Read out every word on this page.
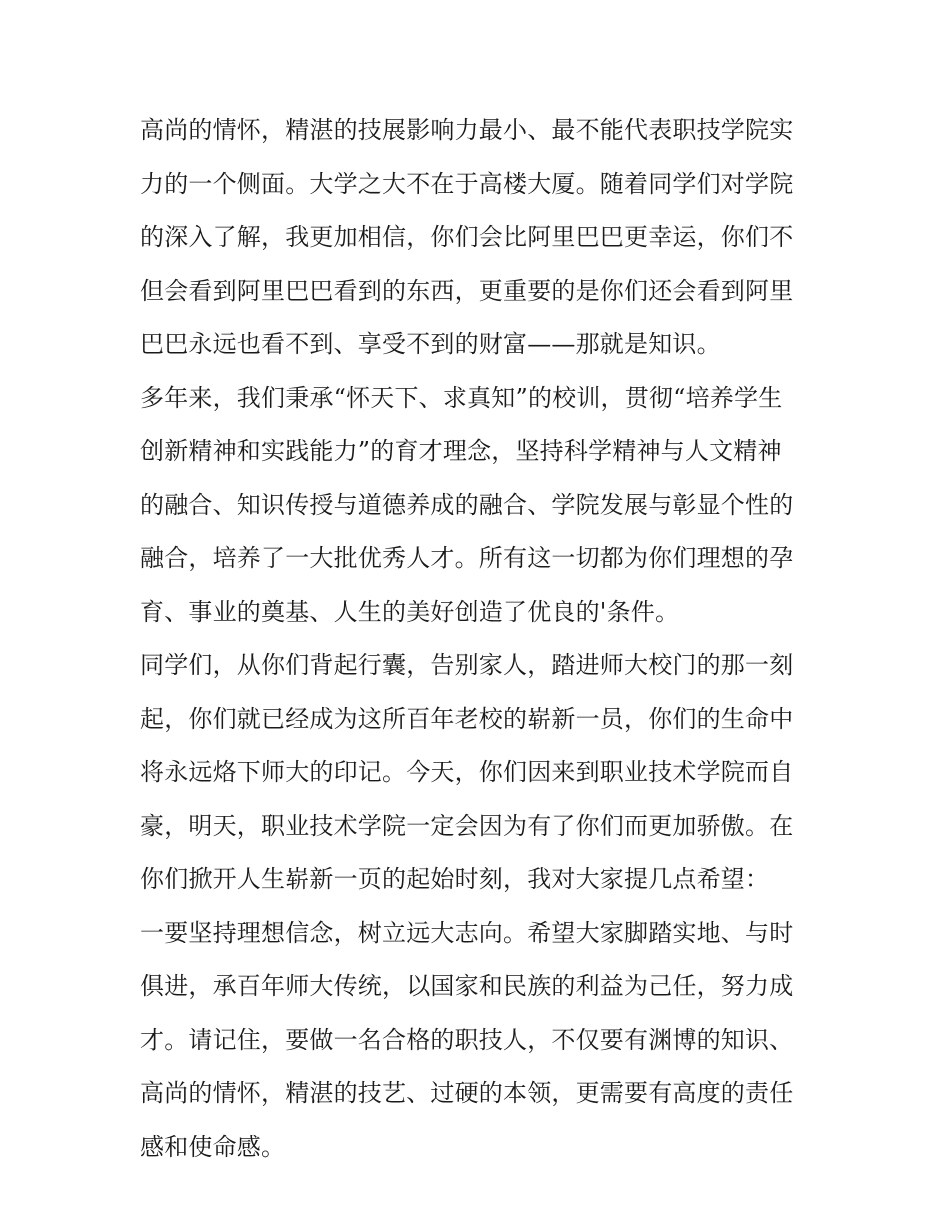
高尚的情怀，精湛的技展影响力最小、最不能代表职技学院实
力的一个侧面。大学之大不在于高楼大厦。随着同学们对学院
的深入了解，我更加相信，你们会比阿里巴巴更幸运，你们不
但会看到阿里巴巴看到的东西，更重要的是你们还会看到阿里
巴巴永远也看不到、享受不到的财富——那就是知识。
多年来，我们秉承“怀天下、求真知”的校训，贯彻“培养学生
创新精神和实践能力”的育才理念，坚持科学精神与人文精神
的融合、知识传授与道德养成的融合、学院发展与彰显个性的
融合，培养了一大批优秀人才。所有这一切都为你们理想的孕
育、事业的奠基、人生的美好创造了优良的'条件。
同学们，从你们背起行囊，告别家人，踏进师大校门的那一刻
起，你们就已经成为这所百年老校的崭新一员，你们的生命中
将永远烙下师大的印记。今天，你们因来到职业技术学院而自
豪，明天，职业技术学院一定会因为有了你们而更加骄傲。在
你们掀开人生崭新一页的起始时刻，我对大家提几点希望：
一要坚持理想信念，树立远大志向。希望大家脚踏实地、与时
俱进，承百年师大传统，以国家和民族的利益为己任，努力成
才。请记住，要做一名合格的职技人，不仅要有渊博的知识、
高尚的情怀，精湛的技艺、过硬的本领，更需要有高度的责任
感和使命感。
